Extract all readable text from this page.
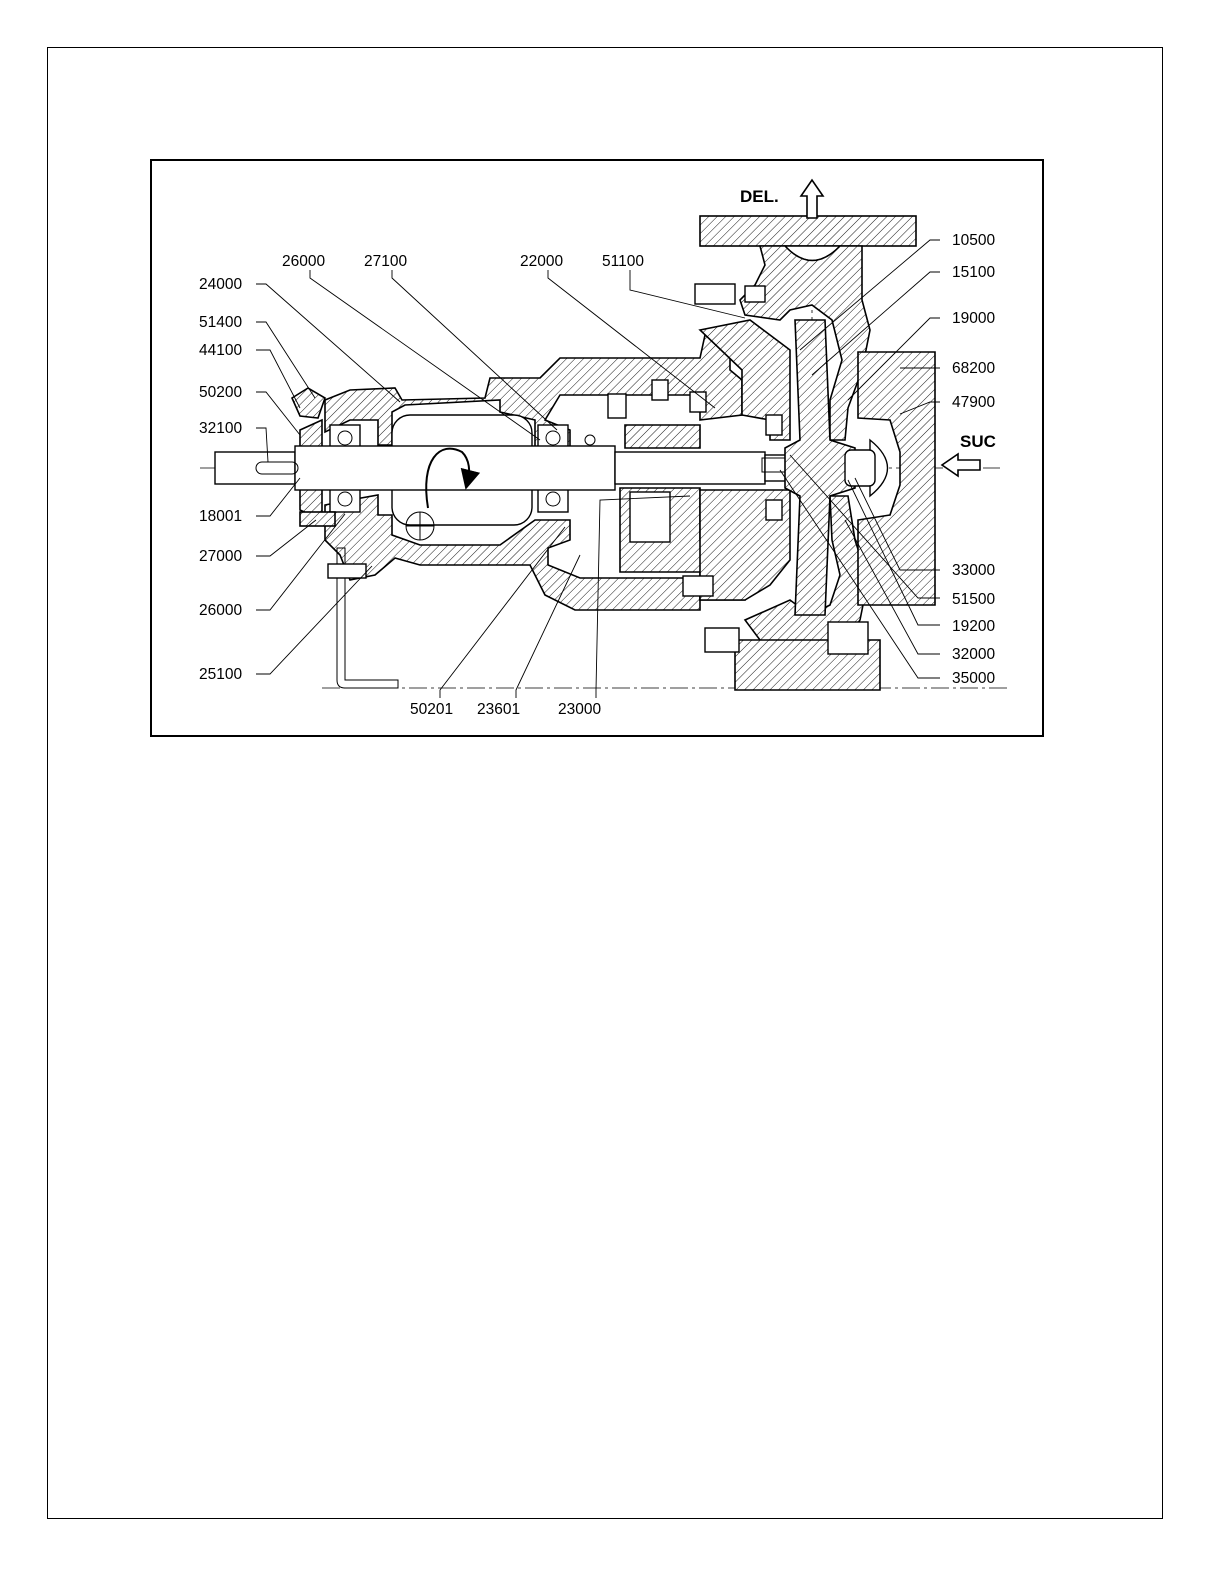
DEL.
SUC
26000	27100	22000	51100
24000
51400
44100
50200
32100
18001
27000
26000
25100
50201 23601 23000
10500
15100
19000
68200
47900
33000
51500
19200
32000
35000
